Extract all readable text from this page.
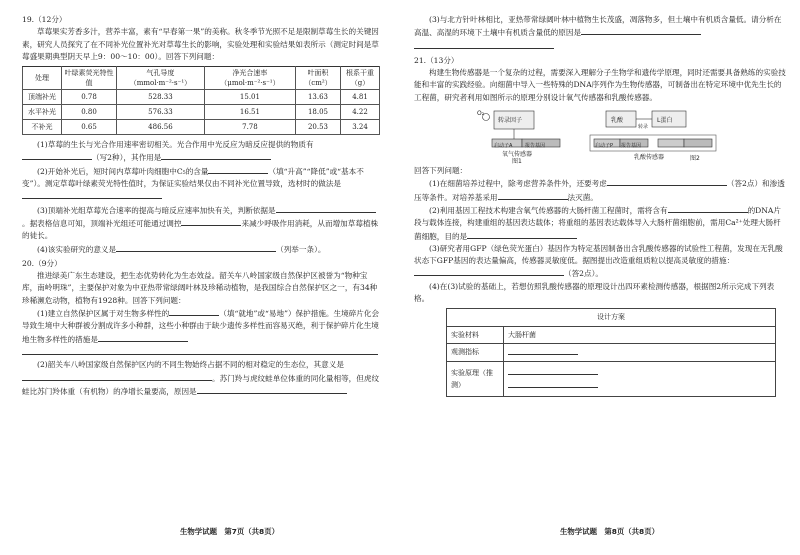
19.（12分）

草莓果实芳香多汁，营养丰富，素有“早春第一果”的美称。秋冬季节光照不足是限制草莓生长的关键因素，研究人员探究了在不同补光位置补光对草莓生长的影响，实验处理和实验结果如表所示（测定时间是草莓盛果期典型阴天早上9：00～10：00）。回答下列问题：

处理	叶绿素荧光特性值	气孔导度（mmol·m⁻²·s⁻¹）	净光合速率（μmol·m⁻²·s⁻¹）	叶面积（cm²）	根系干重（g）
顶端补光	0.78	528.33	15.01	13.63	4.81
水平补光	0.80	576.33	16.51	18.05	4.22
不补光	0.65	486.56	7.78	20.53	3.24

(1)草莓的生长与光合作用速率密切相关。光合作用中光反应为暗反应提供的物质有（写2种），其作用是

(2)开始补光后，短时间内草莓叶肉细胞中C₅的含量	（填“升高”“降低”或“基本不变”）。测定草莓叶绿素荧光特性值时，为保证实验结果仅由不同补光位置导致，选材时的做法是

(3)顶端补光组草莓光合速率的提高与暗反应速率加快有关，判断依据是。据表格信息可知，顶端补光组还可能通过调控	来减少呼吸作用消耗，从而增加草莓植株的徒长。

(4)该实验研究的意义是	（列举一条）。

20.（9分）

推进绿美广东生态建设，把生态优势转化为生态效益。韶关车八岭国家级自然保护区被誉为“物种宝库，南岭明珠”，主要保护对象为中亚热带常绿阔叶林及珍稀动植物，是我国综合自然保护区之一，有34种珍稀濒危动物，植物有1928种。回答下列问题：

(1)建立自然保护区属于对生物多样性的	（填“就地”或“易地”）保护措施。生境碎片化会导致生境中大种群被分割成许多小种群，这些小种群由于缺少遗传多样性而容易灭绝，利于保护碎片化生境地生物多样性的措施是

(2)韶关车八岭国家级自然保护区内的不同生物始终占据不同的相对稳定的生态位，其意义是。苏门羚与虎纹蛙单位体重的同化量相等，但虎纹蛙比苏门羚体重（有机物）的净增长量要高，原因是

生物学试题　第7页（共8页）

(3)与北方针叶林相比，亚热带常绿阔叶林中植物生长茂盛，凋落物多，但土壤中有机质含量低。请分析在高温、高湿的环境下土壤中有机质含量低的原因是

21.（13分）

构建生物传感器是一个复杂的过程，需要深入理解分子生物学和遗传学原理，同时还需要具备熟练的实验技能和丰富的实践经验。向细菌中导入一些特殊的DNA序列作为生物传感器，可制备出在特定环境中优先生长的工程菌，研究者利用如图所示的原理分别设计氧气传感器和乳酸传感器。

O₂
转录因子
启动子A	报告基因
氧气传感器
图1
乳酸	L蛋白
转录
启动子P 报告基因
乳酸传感器	图2

回答下列问题：

(1)在细菌培养过程中，除考虑营养条件外，还要考虑	（答2点）和渗透压等条件。对培养基采用	法灭菌。

(2)利用基因工程技术构建含氧气传感器的大肠杆菌工程菌时，需将含有	的DNA片段与载体连接，构建重组的基因表达载体；将重组的基因表达载体导入大肠杆菌细胞前，需用Ca²⁺处理大肠杆菌细胞，目的是

(3)研究者用GFP（绿色荧光蛋白）基因作为特定基因制备出含乳酸传感器的试验性工程菌，发现在无乳酸状态下GFP基因的表达量偏高，传感器灵敏度低。据图提出改造重组质粒以提高灵敏度的措施：（答2点）。

(4)在(3)试验的基础上，若想仿照乳酸传感器的原理设计出四环素检测传感器，根据图2所示完成下列表格。

设计方案	
实验材料	大肠杆菌
观测指标	
实验原理（推测）	
生物学试题　第8页（共8页）
